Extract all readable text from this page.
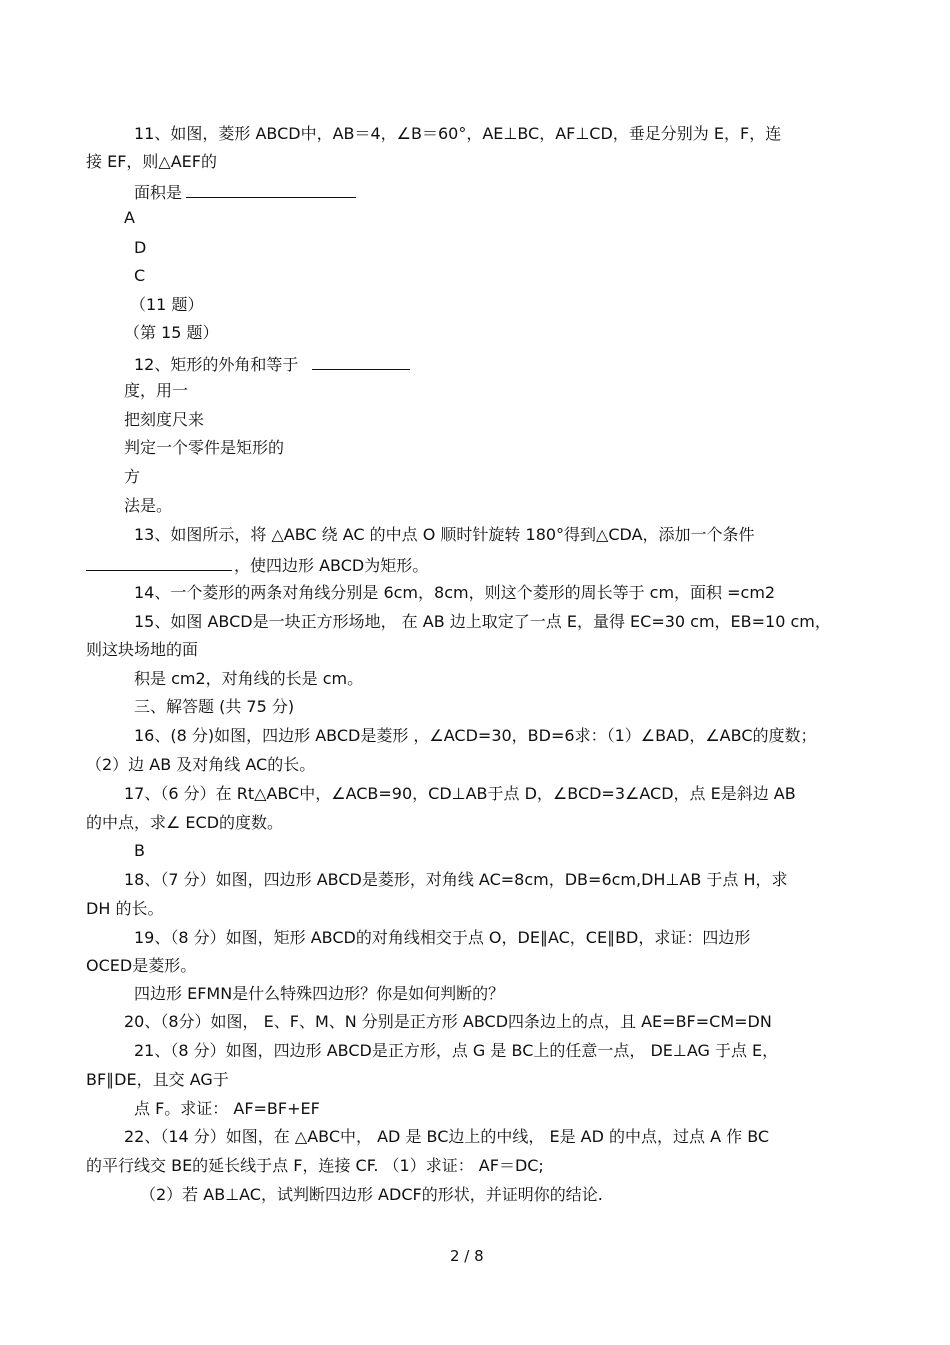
11、如图，菱形 ABCD中，AB＝4，∠B＝60°，AE⊥BC，AF⊥CD，垂足分别为 E，F，连
接 EF，则△AEF的
面积是
A
D
C
（11 题）
（第 15 题）
12、矩形的外角和等于
度，用一
把刻度尺来
判定一个零件是矩形的
方
法是。
13、如图所示，将 △ABC 绕 AC 的中点 O 顺时针旋转 180°得到△CDA，添加一个条件
，使四边形 ABCD为矩形。
14、一个菱形的两条对角线分别是 6cm，8cm，则这个菱形的周长等于 cm，面积 =cm2
15、如图 ABCD是一块正方形场地， 在 AB 边上取定了一点 E，量得 EC=30 cm，EB=10 cm，
则这块场地的面
积是 cm2，对角线的长是 cm。
三、解答题 (共 75 分)
16、(8 分)如图，四边形 ABCD是菱形 ，∠ACD=30，BD=6求：（1）∠BAD，∠ABC的度数；
（2）边 AB 及对角线 AC的长。
17、（6 分）在 Rt△ABC中，∠ACB=90，CD⊥AB于点 D，∠BCD=3∠ACD，点 E是斜边 AB
的中点，求∠ ECD的度数。
B
18、（7 分）如图，四边形 ABCD是菱形，对角线 AC=8cm，DB=6cm,DH⊥AB 于点 H，求
DH 的长。
19、（8 分）如图，矩形 ABCD的对角线相交于点 O，DE∥AC，CE∥BD，求证：四边形
OCED是菱形。
四边形 EFMN是什么特殊四边形？你是如何判断的？
20、（8分）如图， E、F、M、N 分别是正方形 ABCD四条边上的点，且 AE=BF=CM=DN
21、（8 分）如图，四边形 ABCD是正方形，点 G 是 BC上的任意一点， DE⊥AG 于点 E，
BF∥DE，且交 AG于
点 F。求证： AF=BF+EF
22、（14 分）如图，在 △ABC中， AD 是 BC边上的中线， E是 AD 的中点，过点 A 作 BC
的平行线交 BE的延长线于点 F，连接 CF. （1）求证： AF＝DC;
（2）若 AB⊥AC，试判断四边形 ADCF的形状，并证明你的结论.
2 / 8
